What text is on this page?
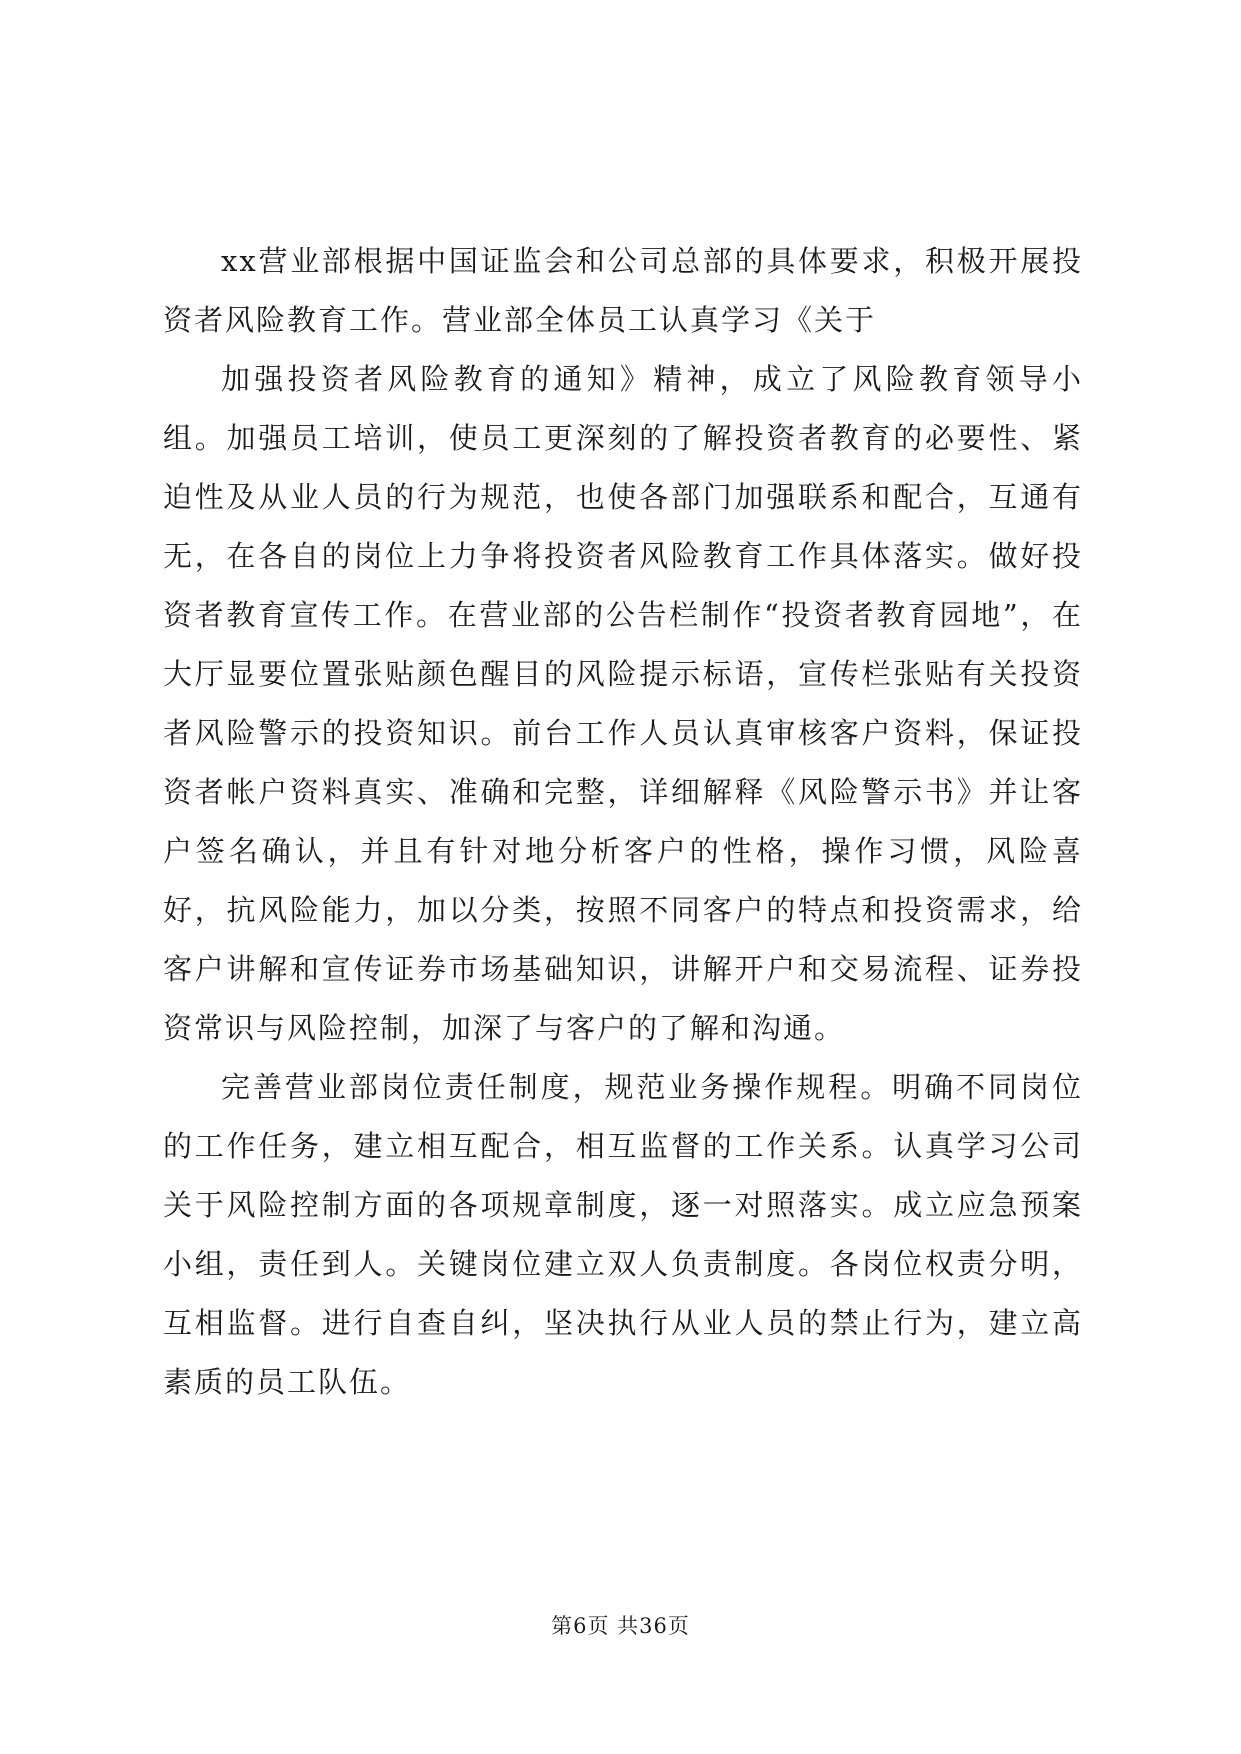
xx营业部根据中国证监会和公司总部的具体要求，积极开展投资者风险教育工作。营业部全体员工认真学习《关于

加强投资者风险教育的通知》精神，成立了风险教育领导小组。加强员工培训，使员工更深刻的了解投资者教育的必要性、紧迫性及从业人员的行为规范，也使各部门加强联系和配合，互通有无，在各自的岗位上力争将投资者风险教育工作具体落实。做好投资者教育宣传工作。在营业部的公告栏制作“投资者教育园地”，在大厅显要位置张贴颜色醒目的风险提示标语，宣传栏张贴有关投资者风险警示的投资知识。前台工作人员认真审核客户资料，保证投资者帐户资料真实、准确和完整，详细解释《风险警示书》并让客户签名确认，并且有针对地分析客户的性格，操作习惯，风险喜好，抗风险能力，加以分类，按照不同客户的特点和投资需求，给客户讲解和宣传证券市场基础知识，讲解开户和交易流程、证券投资常识与风险控制，加深了与客户的了解和沟通。

完善营业部岗位责任制度，规范业务操作规程。明确不同岗位的工作任务，建立相互配合，相互监督的工作关系。认真学习公司关于风险控制方面的各项规章制度，逐一对照落实。成立应急预案小组，责任到人。关键岗位建立双人负责制度。各岗位权责分明，互相监督。进行自查自纠，坚决执行从业人员的禁止行为，建立高素质的员工队伍。

第6页 共36页
